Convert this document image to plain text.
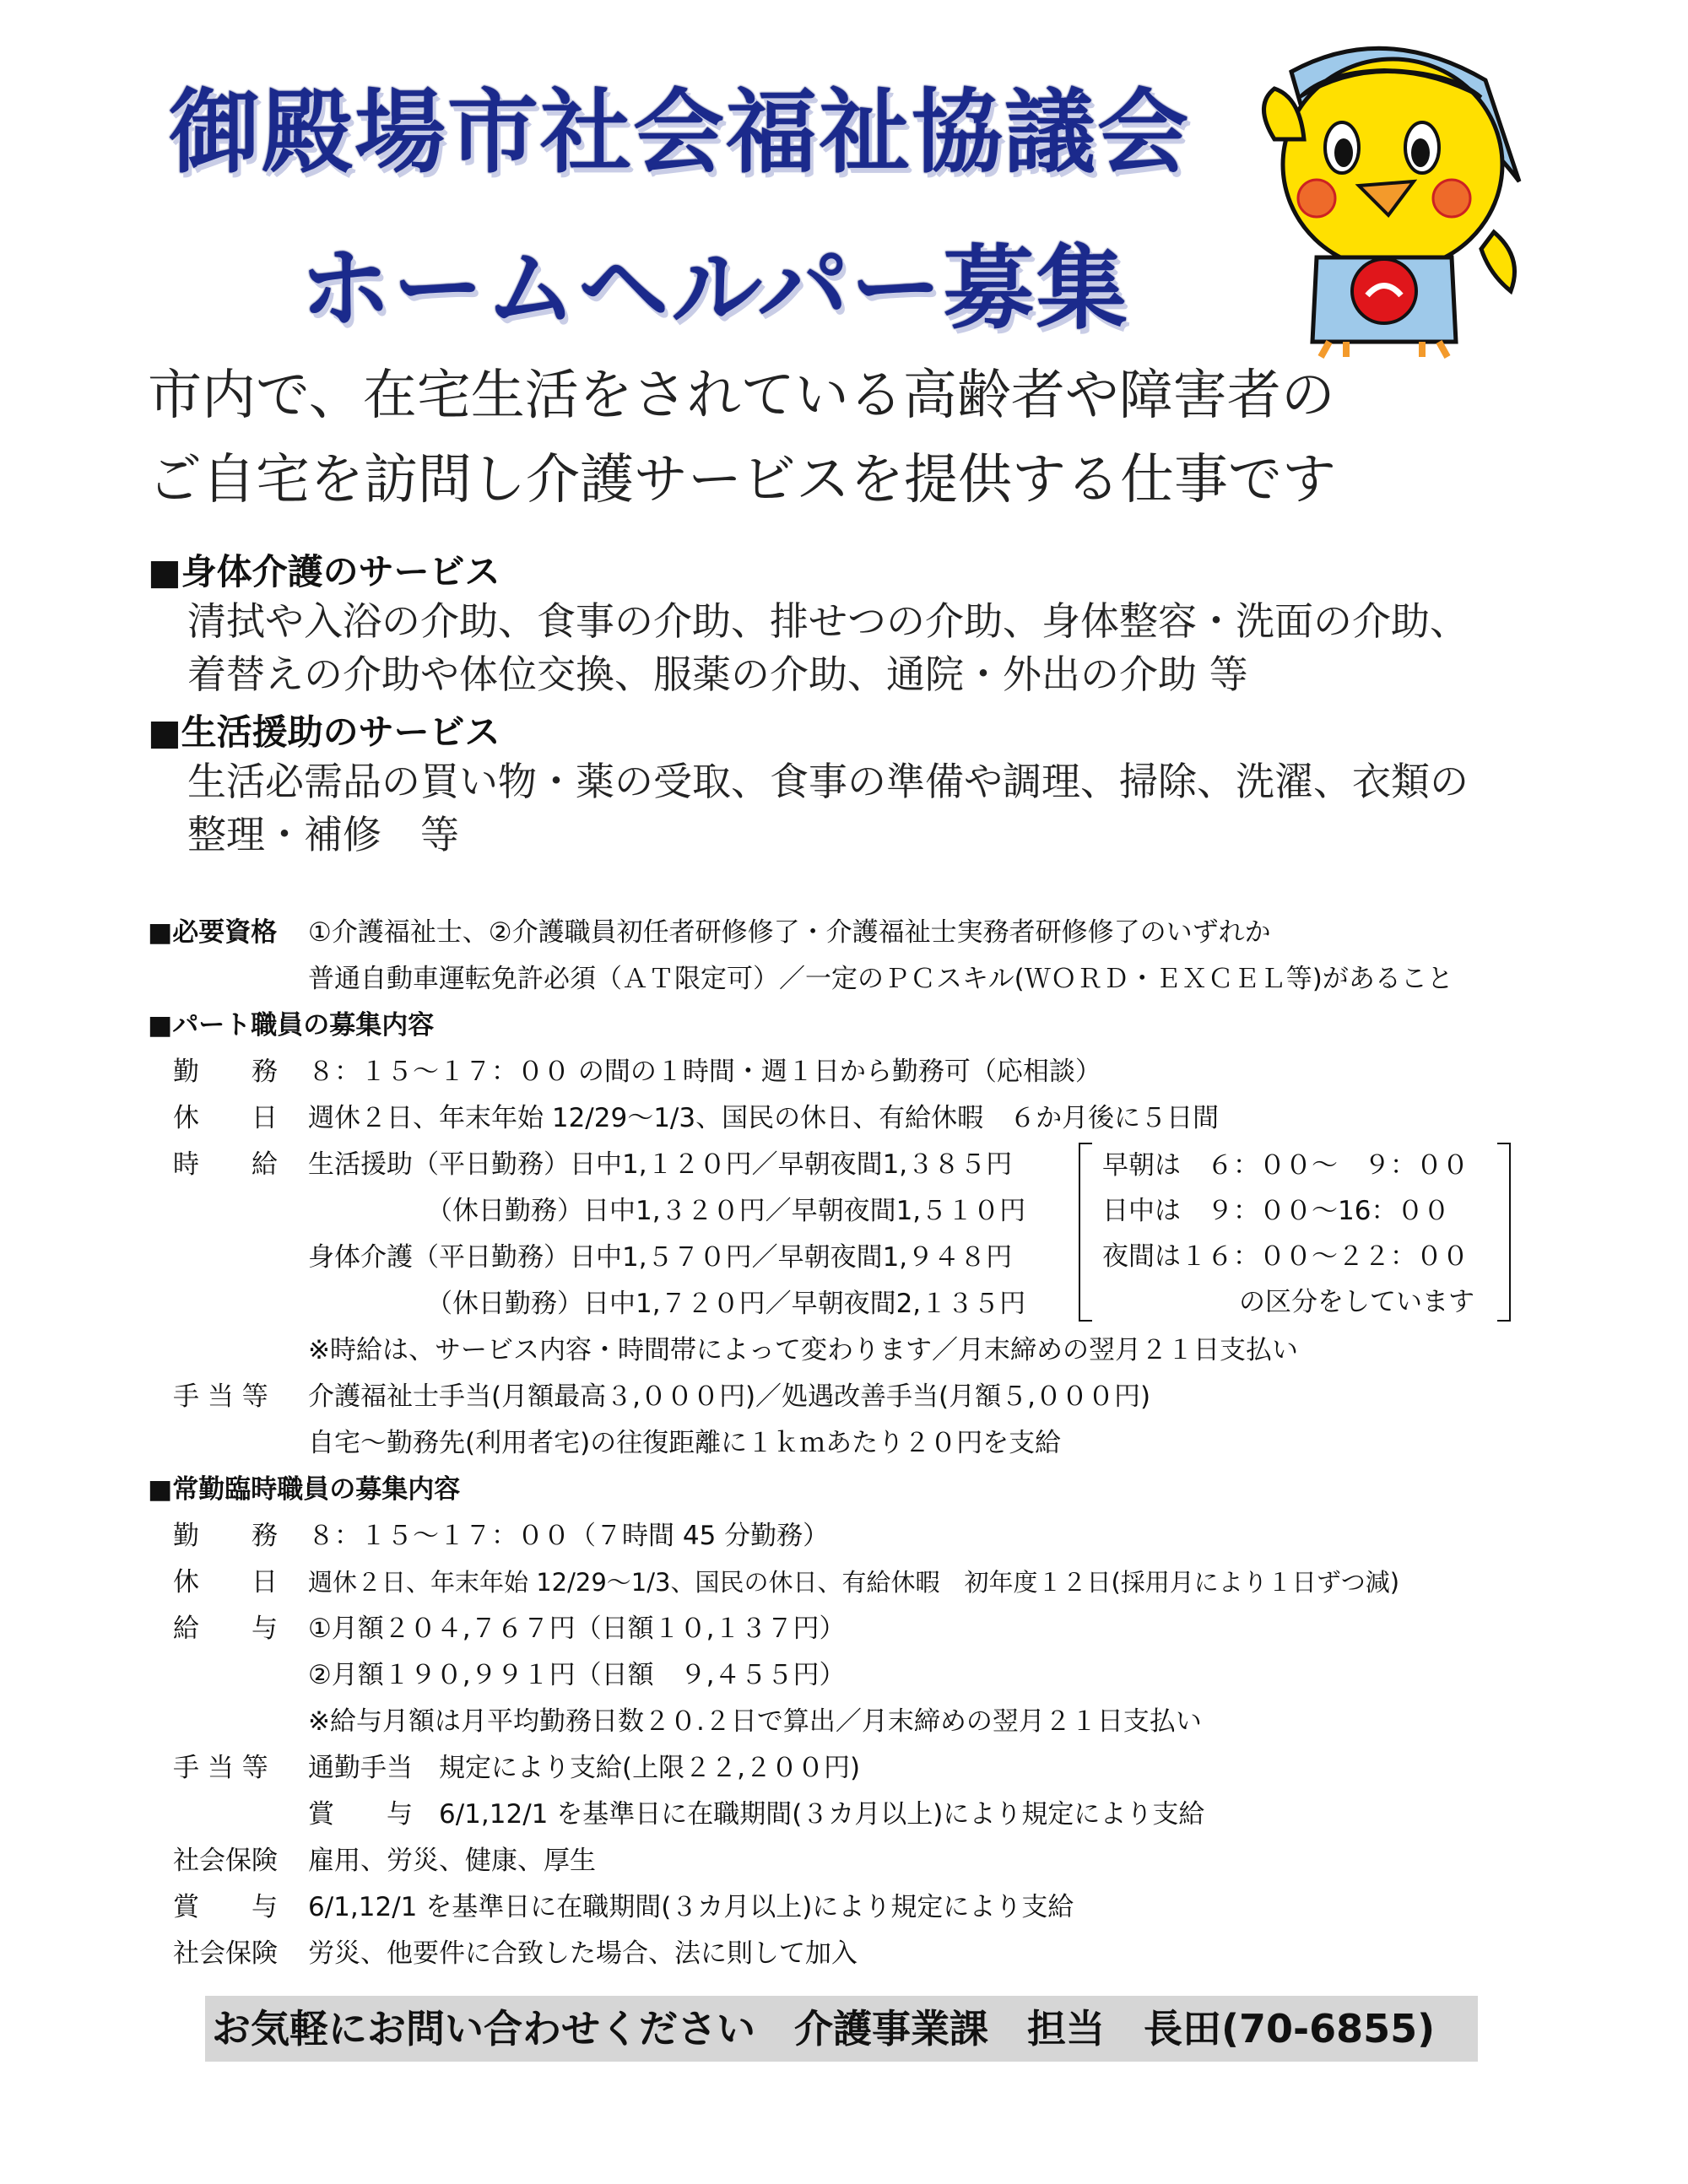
御殿場市社会福祉協議会
ホームヘルパー募集

市内で、在宅生活をされている高齢者や障害者の

ご自宅を訪問し介護サービスを提供する仕事です

■身体介護のサービス

清拭や入浴の介助、食事の介助、排せつの介助、身体整容・洗面の介助、

着替えの介助や体位交換、服薬の介助、通院・外出の介助 等

■生活援助のサービス

生活必需品の買い物・薬の受取、食事の準備や調理、掃除、洗濯、衣類の

整理・補修　等

■必要資格 ①介護福祉士、②介護職員初任者研修修了・介護福祉士実務者研修修了のいずれか
普通自動車運転免許必須（ＡＴ限定可）／一定のＰＣスキル(ＷＯＲＤ・ＥＸＣＥＬ等)があること
■パート職員の募集内容
勤　　務 ８：１５～１７：００ の間の１時間・週１日から勤務可（応相談）
休　　日 週休２日、年末年始 12/29～1/3、国民の休日、有給休暇　６か月後に５日間
時　　給 生活援助（平日勤務）日中1,１２０円／早朝夜間1,３８５円
（休日勤務）日中1,３２０円／早朝夜間1,５１０円
身体介護（平日勤務）日中1,５７０円／早朝夜間1,９４８円
（休日勤務）日中1,７２０円／早朝夜間2,１３５円
早朝は　６：００～　９：００
日中は　９：００～16：００
夜間は１６：００～２２：００
の区分をしています
※時給は、サービス内容・時間帯によって変わります／月末締めの翌月２１日支払い
手 当 等	介護福祉士手当(月額最高３,０００円)／処遇改善手当(月額５,０００円)
自宅～勤務先(利用者宅)の往復距離に１ｋｍあたり２０円を支給
■常勤臨時職員の募集内容
勤　　務 ８：１５～１７：００（７時間 45 分勤務）
休　　日 週休２日、年末年始 12/29～1/3、国民の休日、有給休暇　初年度１２日(採用月により１日ずつ減)
給　　与 ①月額２０４,７６７円（日額１０,１３７円）
②月額１９０,９９１円（日額　９,４５５円）
※給与月額は月平均勤務日数２０.２日で算出／月末締めの翌月２１日支払い
手 当 等	通勤手当　規定により支給(上限２２,２００円)
賞　　与　6/1,12/1 を基準日に在職期間(３カ月以上)により規定により支給
社会保険 雇用、労災、健康、厚生
賞　　与 6/1,12/1 を基準日に在職期間(３カ月以上)により規定により支給
社会保険 労災、他要件に合致した場合、法に則して加入
お気軽にお問い合わせください　介護事業課　担当　長田(70-6855)
